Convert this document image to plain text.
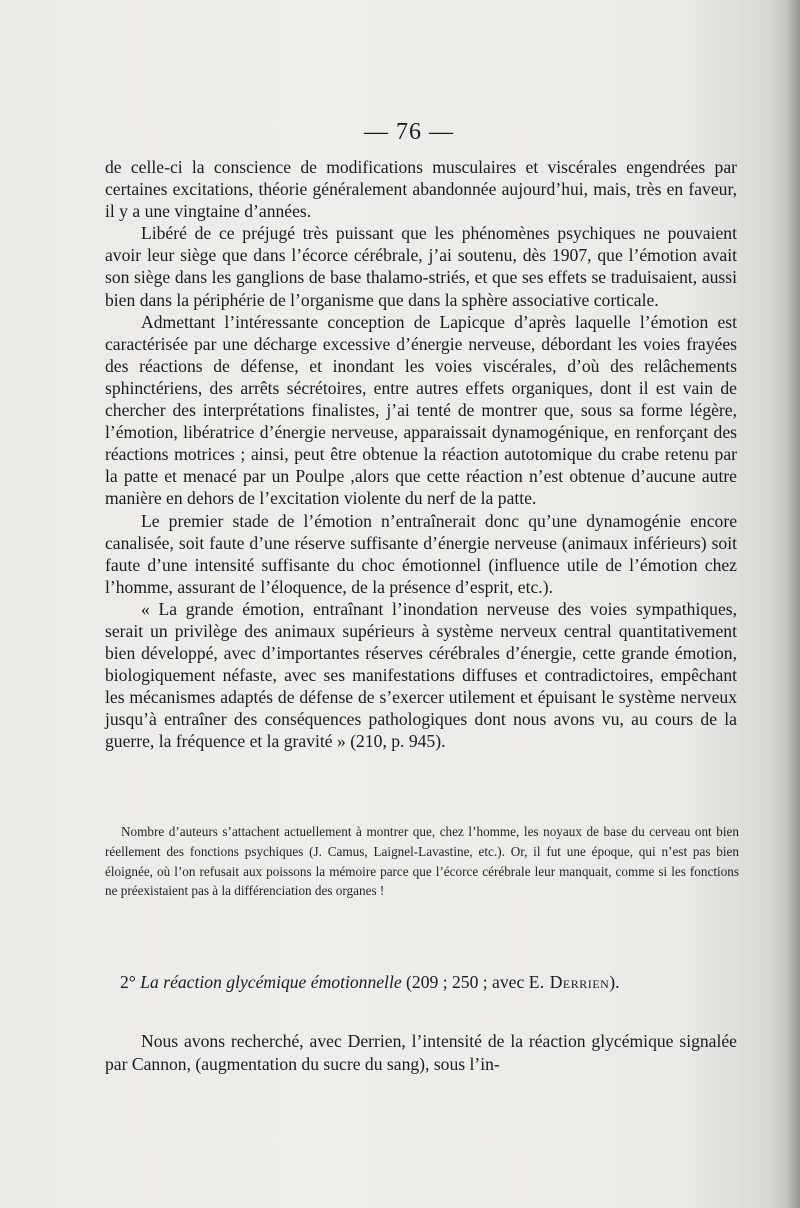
— 76 —

de celle-ci la conscience de modifications musculaires et viscérales engendrées par certaines excitations, théorie généralement abandonnée aujourd’hui, mais, très en faveur, il y a une vingtaine d’années.

Libéré de ce préjugé très puissant que les phénomènes psychiques ne pouvaient avoir leur siège que dans l’écorce cérébrale, j’ai soutenu, dès 1907, que l’émotion avait son siège dans les ganglions de base thalamo-striés, et que ses effets se traduisaient, aussi bien dans la périphérie de l’organisme que dans la sphère associative corticale.

Admettant l’intéressante conception de Lapicque d’après laquelle l’émotion est caractérisée par une décharge excessive d’énergie nerveuse, débordant les voies frayées des réactions de défense, et inondant les voies viscérales, d’où des relâchements sphinctériens, des arrêts sécrétoires, entre autres effets organiques, dont il est vain de chercher des interprétations finalistes, j’ai tenté de montrer que, sous sa forme légère, l’émotion, libératrice d’énergie nerveuse, apparaissait dynamogénique, en renforçant des réactions motrices ; ainsi, peut être obtenue la réaction autotomique du crabe retenu par la patte et menacé par un Poulpe ,alors que cette réaction n’est obtenue d’aucune autre manière en dehors de l’excitation violente du nerf de la patte.

Le premier stade de l’émotion n’entraînerait donc qu’une dynamogénie encore canalisée, soit faute d’une réserve suffisante d’énergie nerveuse (animaux inférieurs) soit faute d’une intensité suffisante du choc émotionnel (influence utile de l’émotion chez l’homme, assurant de l’éloquence, de la présence d’esprit, etc.).

« La grande émotion, entraînant l’inondation nerveuse des voies sympathiques, serait un privilège des animaux supérieurs à système nerveux central quantitativement bien développé, avec d’importantes réserves cérébrales d’énergie, cette grande émotion, biologiquement néfaste, avec ses manifestations diffuses et contradictoires, empêchant les mécanismes adaptés de défense de s’exercer utilement et épuisant le système nerveux jusqu’à entraîner des conséquences pathologiques dont nous avons vu, au cours de la guerre, la fréquence et la gravité » (210, p. 945).

Nombre d’auteurs s’attachent actuellement à montrer que, chez l’homme, les noyaux de base du cerveau ont bien réellement des fonctions psychiques (J. Camus, Laignel-Lavastine, etc.). Or, il fut une époque, qui n’est pas bien éloignée, où l’on refusait aux poissons la mémoire parce que l’écorce cérébrale leur manquait, comme si les fonctions ne préexistaient pas à la différenciation des organes !
2° La réaction glycémique émotionnelle (209 ; 250 ; avec E. Derrien).
Nous avons recherché, avec Derrien, l’intensité de la réaction glycémique signalée par Cannon, (augmentation du sucre du sang), sous l’in-
